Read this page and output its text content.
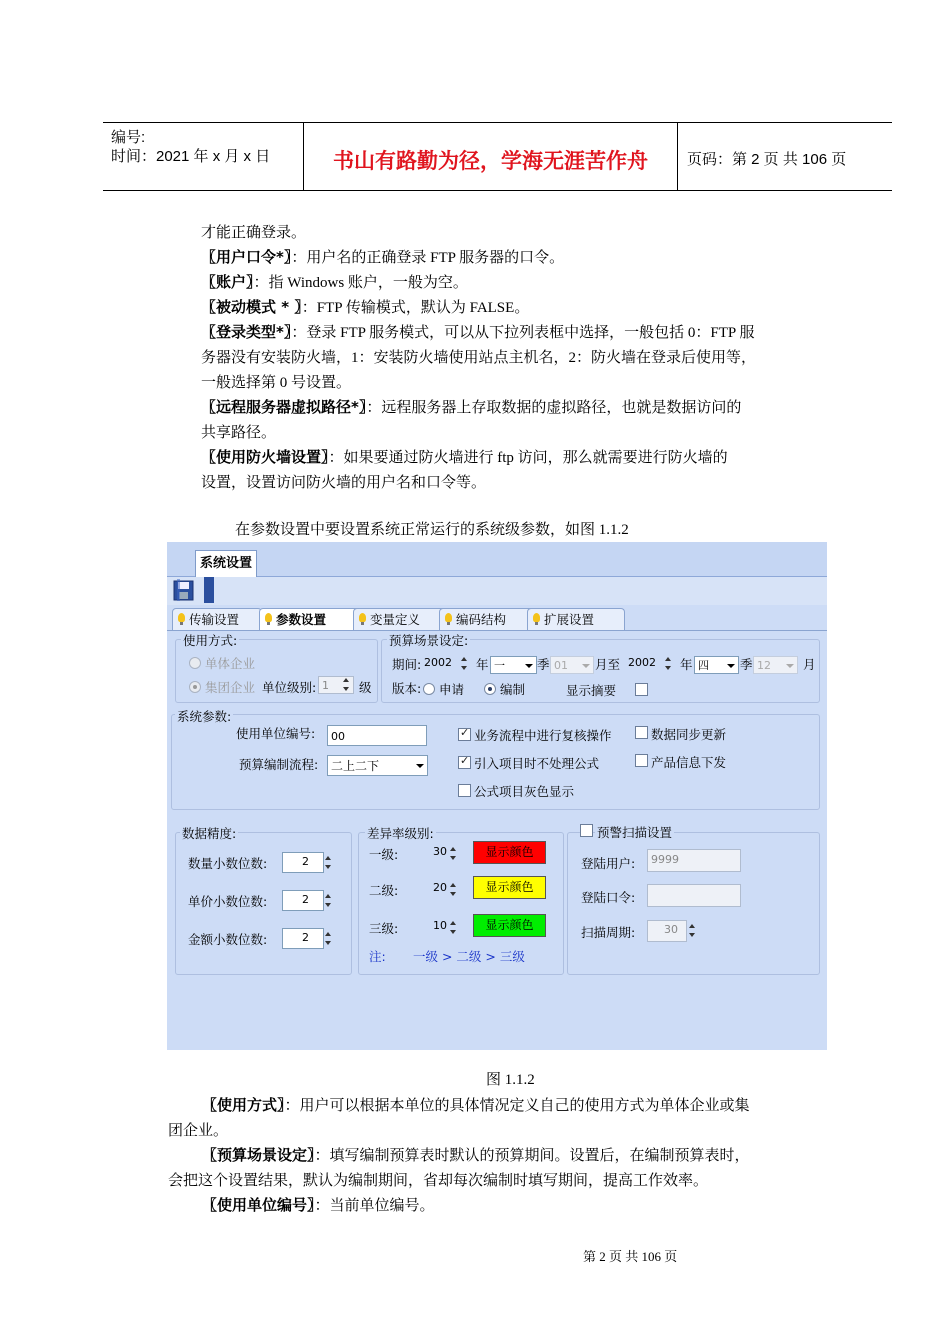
编号:
时间：2021 年 x 月 x 日	书山有路勤为径，学海无涯苦作舟	页码：第 2 页 共 106 页
才能正确登录。
〖用户口令*〗：用户名的正确登录 FTP 服务器的口令。
〖账户〗：指 Windows 账户，一般为空。
〖被动模式 * 〗：FTP 传输模式，默认为 FALSE。
〖登录类型*〗：登录 FTP 服务模式，可以从下拉列表框中选择，一般包括 0：FTP 服
务器没有安装防火墙，1：安装防火墙使用站点主机名，2：防火墙在登录后使用等，
一般选择第 0 号设置。
〖远程服务器虚拟路径*〗：远程服务器上存取数据的虚拟路径，也就是数据访问的
共享路径。
〖使用防火墙设置〗：如果要通过防火墙进行 ftp 访问，那么就需要进行防火墙的
设置，设置访问防火墙的用户名和口令等。
在参数设置中要设置系统正常运行的系统级参数，如图 1.1.2
系统设置
传输设置	参数设置	变量定义	编码结构	扩展设置
使用方式:
单体企业
集团企业 单位级别: 1	级
预算场景设定:
期间: 2002	年 一	季 01	月至 2002	年 四	季 12	月
版本: 申请	编制	显示摘要
系统参数:
使用单位编号:	00
预算编制流程:	二上二下
✓
业务流程中进行复核操作	数据同步更新
✓
引入项目时不处理公式	产品信息下发
公式项目灰色显示
数据精度:
数量小数位数:	2
单价小数位数:	2
金额小数位数:	2
差异率级别:
一级:	30	显示颜色
二级:	20	显示颜色
三级:	10	显示颜色
注: 一级 > 二级 > 三级
预警扫描设置
登陆用户:	9999
登陆口令:
扫描周期:	30
图 1.1.2
〖使用方式〗：用户可以根据本单位的具体情况定义自己的使用方式为单体企业或集
团企业。
〖预算场景设定〗：填写编制预算表时默认的预算期间。设置后，在编制预算表时，
会把这个设置结果，默认为编制期间，省却每次编制时填写期间，提高工作效率。
〖使用单位编号〗：当前单位编号。
第 2 页 共 106 页
